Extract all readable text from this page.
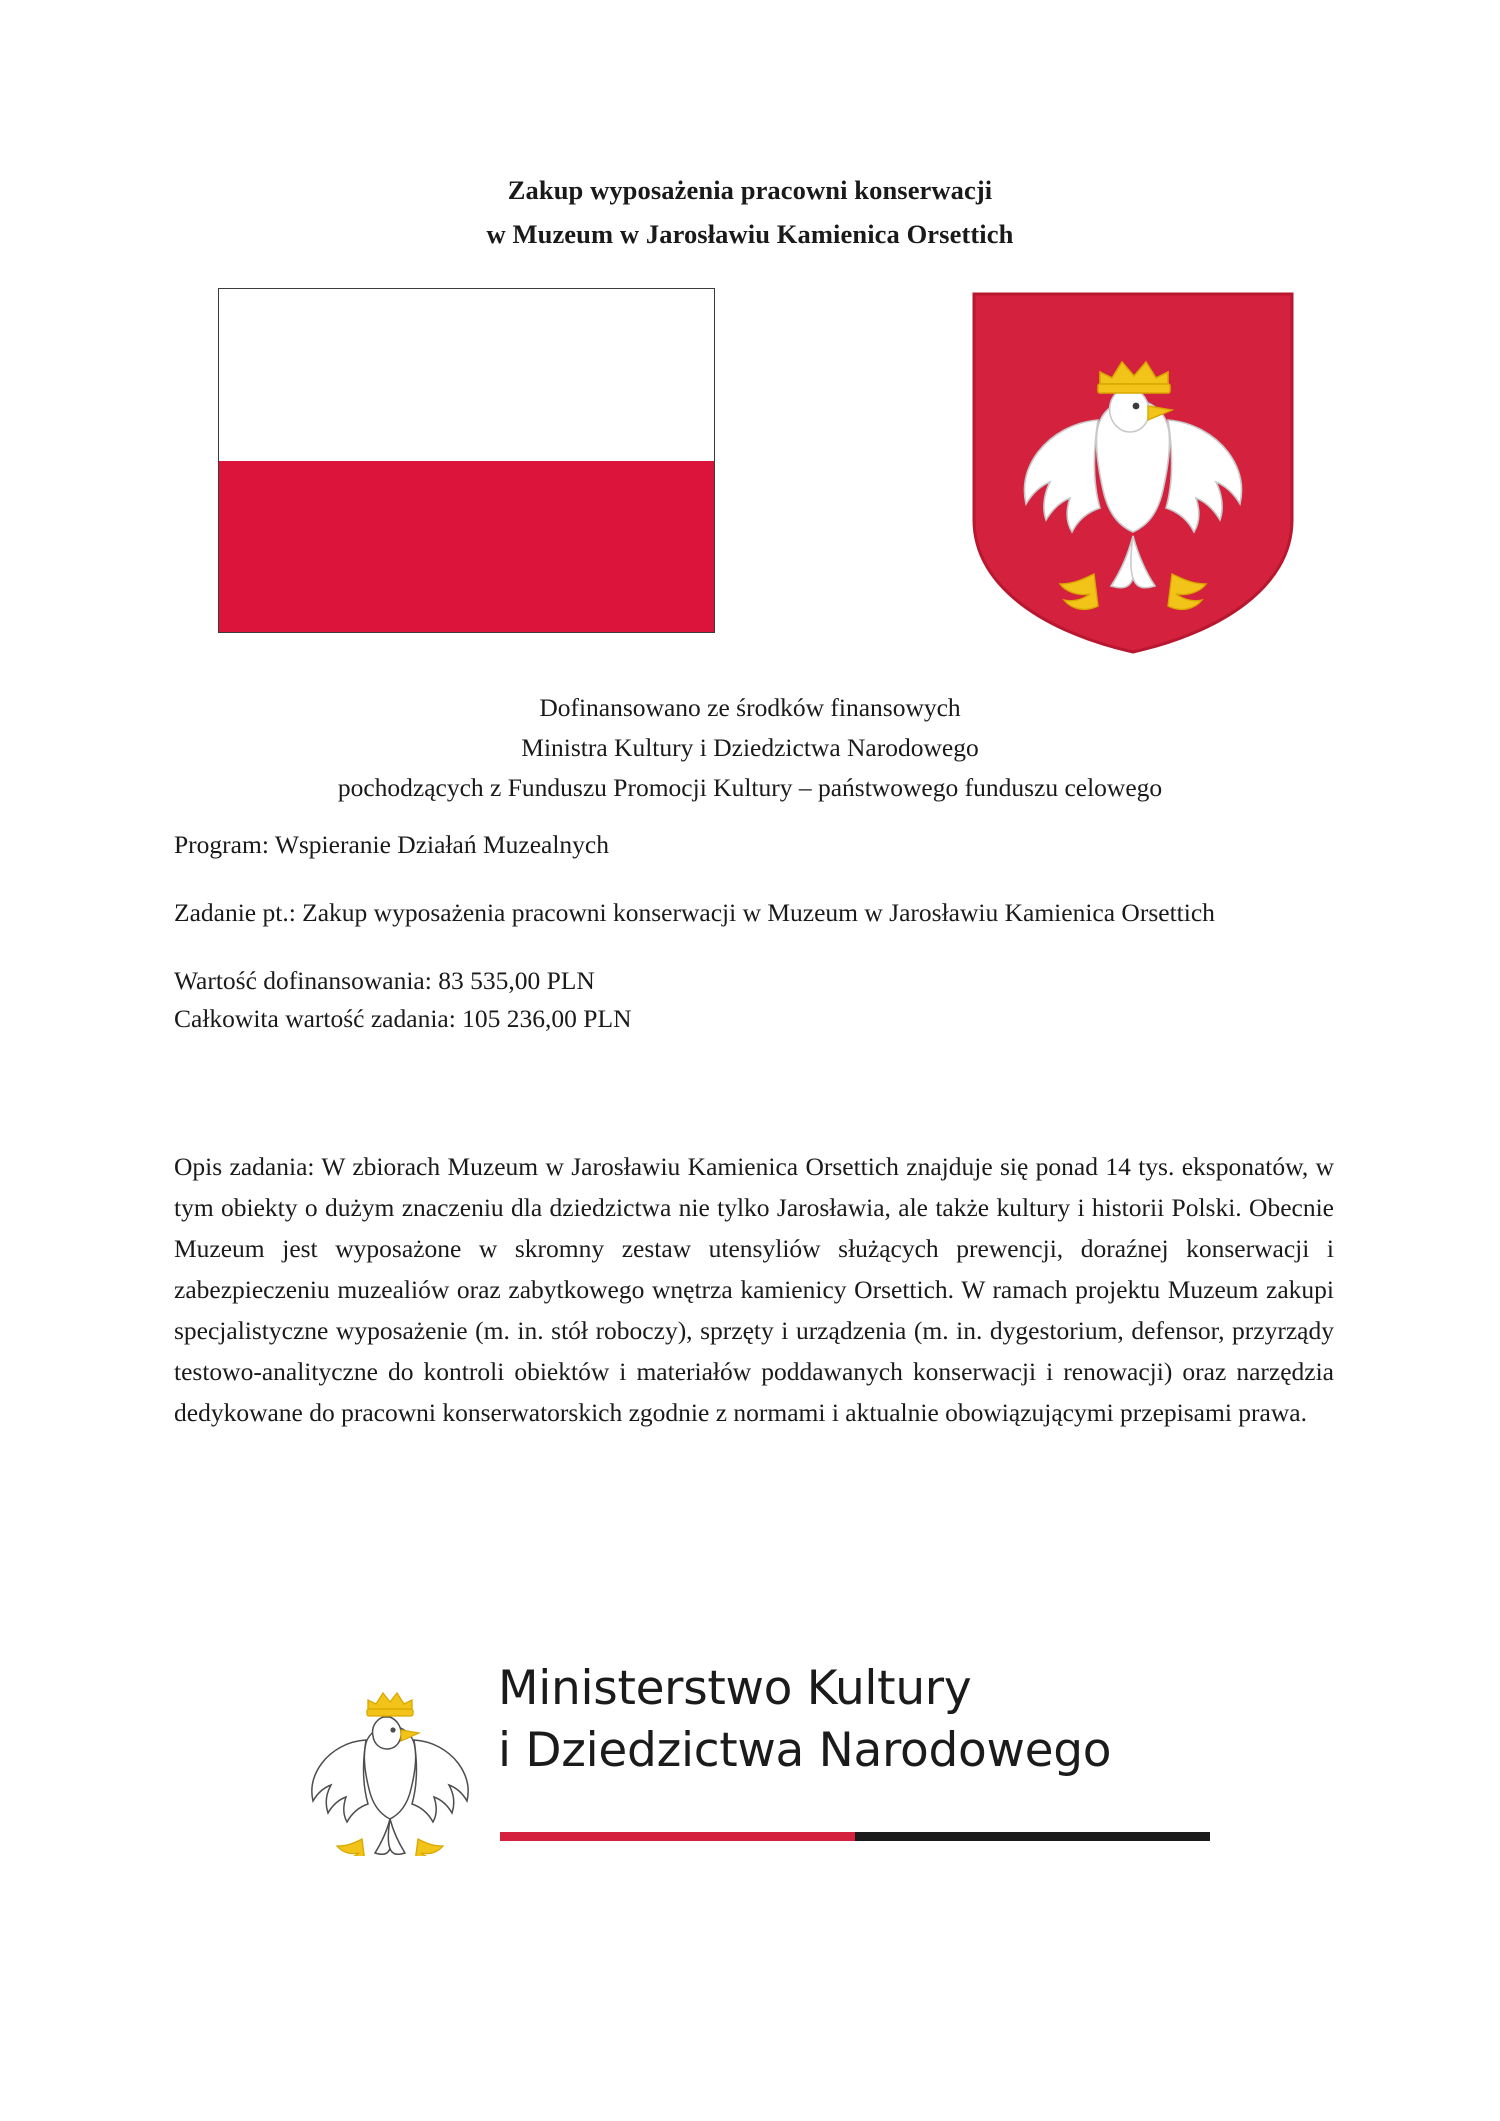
Zakup wyposażenia pracowni konserwacji
w Muzeum w Jarosławiu Kamienica Orsettich
Dofinansowano ze środków finansowych
Ministra Kultury i Dziedzictwa Narodowego
pochodzących z Funduszu Promocji Kultury – państwowego funduszu celowego

Program: Wspieranie Działań Muzealnych

Zadanie pt.: Zakup wyposażenia pracowni konserwacji w Muzeum w Jarosławiu Kamienica Orsettich

Wartość dofinansowania: 83 535,00 PLN

Całkowita wartość zadania: 105 236,00 PLN

Opis zadania: W zbiorach Muzeum w Jarosławiu Kamienica Orsettich znajduje się ponad 14 tys. eksponatów, w tym obiekty o dużym znaczeniu dla dziedzictwa nie tylko Jarosławia, ale także kultury i historii Polski. Obecnie Muzeum jest wyposażone w skromny zestaw utensyliów służących prewencji, doraźnej konserwacji i zabezpieczeniu muzealiów oraz zabytkowego wnętrza kamienicy Orsettich. W ramach projektu Muzeum zakupi specjalistyczne wyposażenie (m. in. stół roboczy), sprzęty i urządzenia (m. in. dygestorium, defensor, przyrządy testowo-analityczne do kontroli obiektów i materiałów poddawanych konserwacji i renowacji) oraz narzędzia dedykowane do pracowni konserwatorskich zgodnie z normami i aktualnie obowiązującymi przepisami prawa.

Ministerstwo Kultury
i Dziedzictwa Narodowego
